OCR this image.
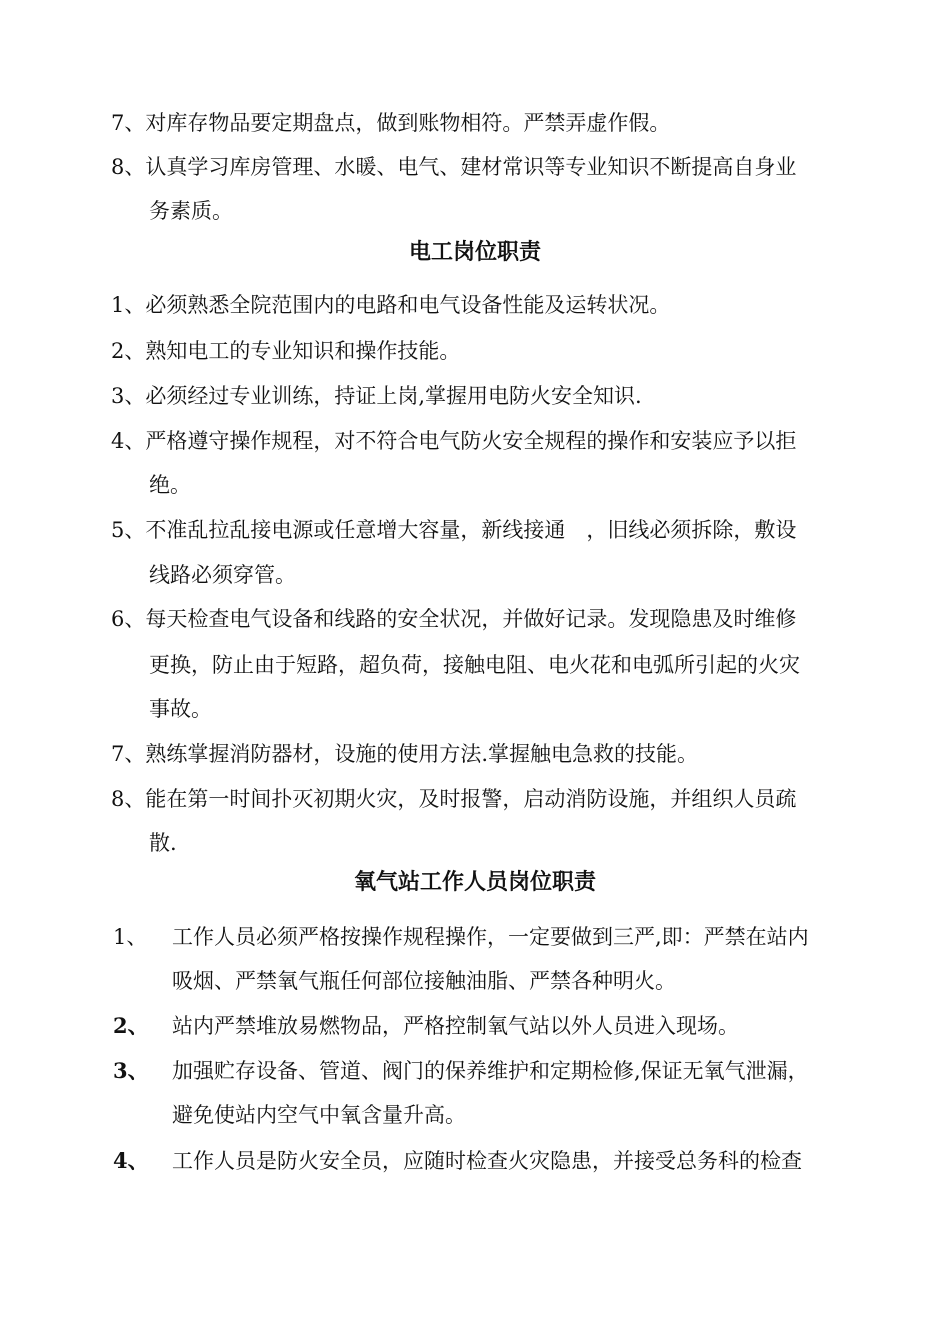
7、对库存物品要定期盘点，做到账物相符。严禁弄虚作假。
8、认真学习库房管理、水暖、电气、建材常识等专业知识不断提高自身业
务素质。
电工岗位职责
1、必须熟悉全院范围内的电路和电气设备性能及运转状况。
2、熟知电工的专业知识和操作技能。
3、必须经过专业训练，持证上岗,掌握用电防火安全知识.
4、严格遵守操作规程，对不符合电气防火安全规程的操作和安装应予以拒
绝。
5、不准乱拉乱接电源或任意增大容量，新线接通　，旧线必须拆除，敷设
线路必须穿管。
6、每天检查电气设备和线路的安全状况，并做好记录。发现隐患及时维修
更换，防止由于短路，超负荷，接触电阻、电火花和电弧所引起的火灾
事故。
7、熟练掌握消防器材，设施的使用方法.掌握触电急救的技能。
8、能在第一时间扑灭初期火灾，及时报警，启动消防设施，并组织人员疏
散.
氧气站工作人员岗位职责
1、 工作人员必须严格按操作规程操作，一定要做到三严,即：严禁在站内
吸烟、严禁氧气瓶任何部位接触油脂、严禁各种明火。
2、 站内严禁堆放易燃物品，严格控制氧气站以外人员进入现场。
3、 加强贮存设备、管道、阀门的保养维护和定期检修,保证无氧气泄漏，
避免使站内空气中氧含量升高。
4、 工作人员是防火安全员，应随时检查火灾隐患，并接受总务科的检查
